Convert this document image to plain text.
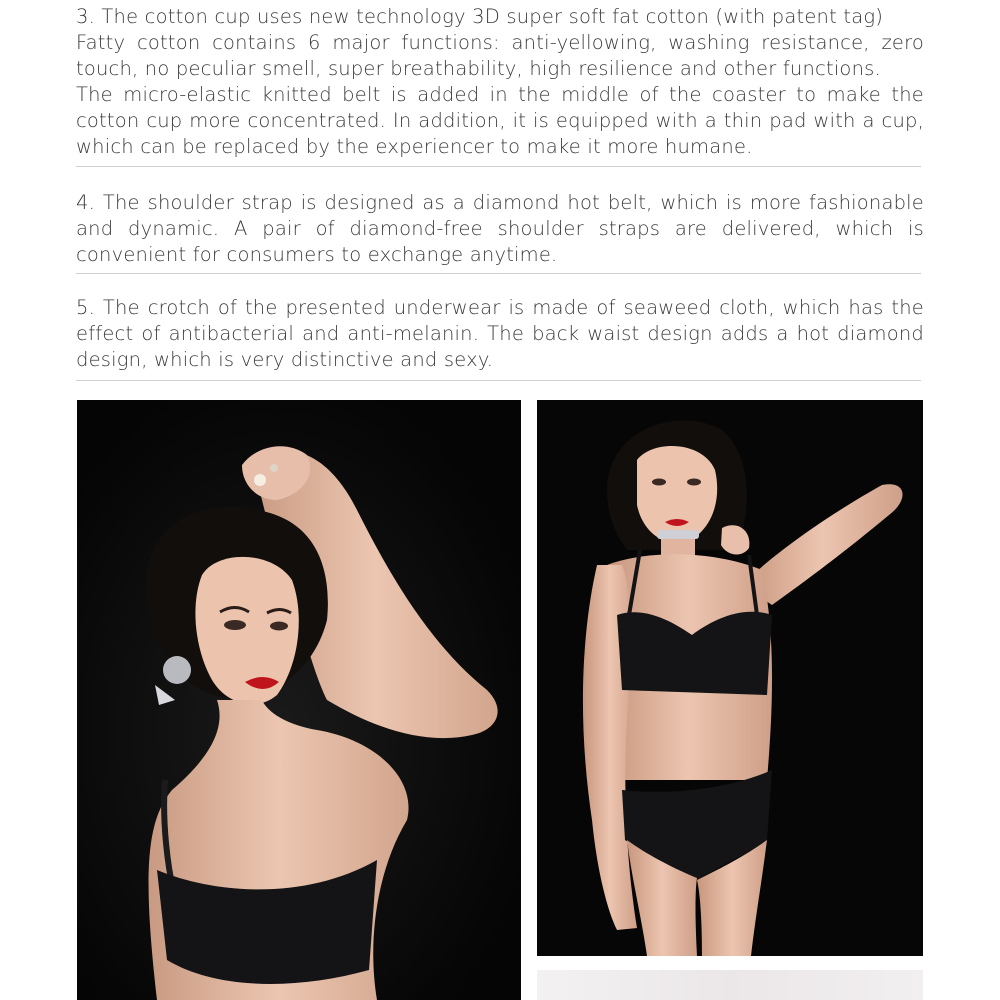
3. The cotton cup uses new technology 3D super soft fat cotton (with patent tag)
Fatty cotton contains 6 major functions: anti-yellowing, washing resistance, zero touch, no peculiar smell, super breathability, high resilience and other functions.
The micro-elastic knitted belt is added in the middle of the coaster to make the cotton cup more concentrated. In addition, it is equipped with a thin pad with a cup, which can be replaced by the experiencer to make it more humane.
4. The shoulder strap is designed as a diamond hot belt, which is more fashionable and dynamic. A pair of diamond-free shoulder straps are delivered, which is convenient for consumers to exchange anytime.
5. The crotch of the presented underwear is made of seaweed cloth, which has the effect of antibacterial and anti-melanin. The back waist design adds a hot diamond design, which is very distinctive and sexy.
